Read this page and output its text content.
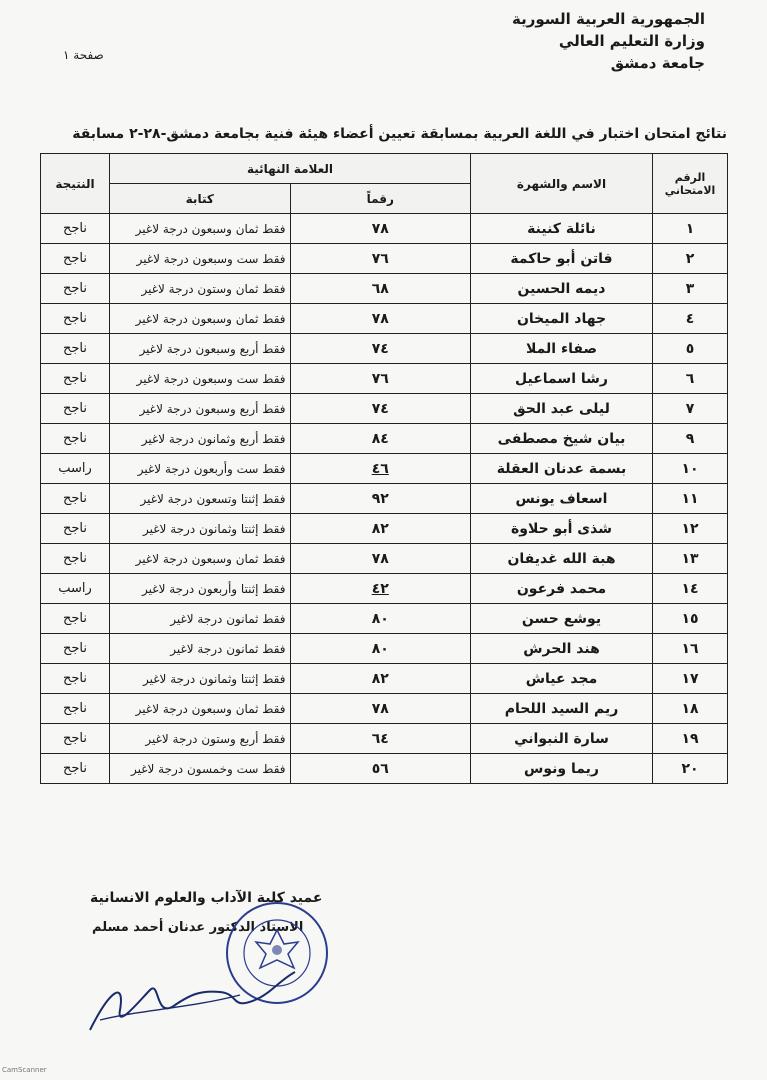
الجمهورية العربية السورية
وزارة التعليم العالي
جامعة دمشق
صفحة ١
نتائج امتحان اختبار في اللغة العربية بمسابقة تعيين أعضاء هيئة فنية بجامعة دمشق-٢٨-٢ مسابقة
الرقم الامتحاني	الاسم والشهرة	العلامة النهائية		النتيجة
		رقماً	كتابة	
١	نائلة كنينة	٧٨	فقط ثمان وسبعون درجة لاغير	ناجح
٢	فاتن أبو حاكمة	٧٦	فقط ست وسبعون درجة لاغير	ناجح
٣	ديمه الحسين	٦٨	فقط ثمان وستون درجة لاغير	ناجح
٤	جهاد الميخان	٧٨	فقط ثمان وسبعون درجة لاغير	ناجح
٥	صفاء الملا	٧٤	فقط أربع وسبعون درجة لاغير	ناجح
٦	رشا اسماعيل	٧٦	فقط ست وسبعون درجة لاغير	ناجح
٧	ليلى عبد الحق	٧٤	فقط أربع وسبعون درجة لاغير	ناجح
٩	بيان شيخ مصطفى	٨٤	فقط أربع وثمانون درجة لاغير	ناجح
١٠	بسمة عدنان العقلة	٤٦	فقط ست وأربعون درجة لاغير	راسب
١١	اسعاف يونس	٩٢	فقط إثنتا وتسعون درجة لاغير	ناجح
١٢	شذى أبو حلاوة	٨٢	فقط إثنتا وثمانون درجة لاغير	ناجح
١٣	هبة الله غديفان	٧٨	فقط ثمان وسبعون درجة لاغير	ناجح
١٤	محمد فرعون	٤٢	فقط إثنتا وأربعون درجة لاغير	راسب
١٥	يوشع حسن	٨٠	فقط ثمانون درجة لاغير	ناجح
١٦	هند الحرش	٨٠	فقط ثمانون درجة لاغير	ناجح
١٧	مجد عياش	٨٢	فقط إثنتا وثمانون درجة لاغير	ناجح
١٨	ريم السيد اللحام	٧٨	فقط ثمان وسبعون درجة لاغير	ناجح
١٩	سارة النبواني	٦٤	فقط أربع وستون درجة لاغير	ناجح
٢٠	ريما ونوس	٥٦	فقط ست وخمسون درجة لاغير	ناجح
عميد كلية الآداب والعلوم الانسانية
الاستاذ الدكتور عدنان أحمد مسلم
CamScanner
